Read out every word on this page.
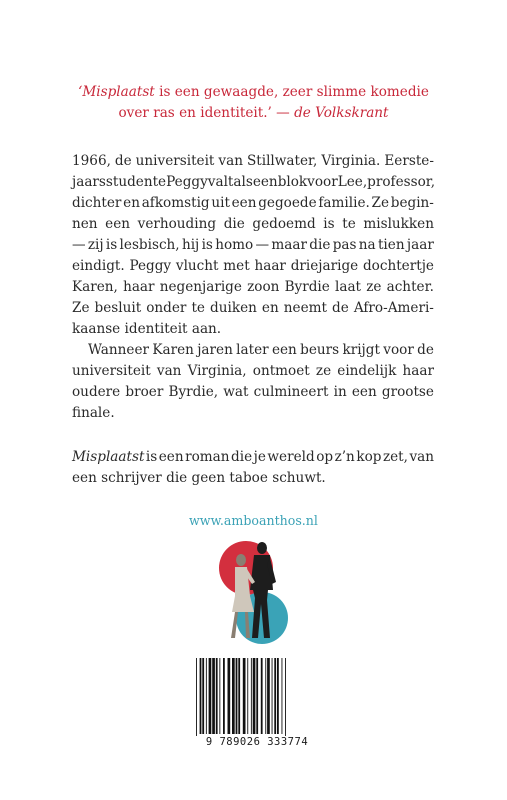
‘Misplaatst is een gewaagde, zeer slimme komedie
over ras en identiteit.’ — de Volkskrant
1966, de universiteit van Stillwater, Virginia. Eerste-
jaarsstudente Peggy valt als een blok voor Lee, professor,
dichter en afkomstig uit een gegoede familie. Ze begin-
nen een verhouding die gedoemd is te mislukken
— zij is lesbisch, hij is homo — maar die pas na tien jaar
eindigt. Peggy vlucht met haar driejarige dochtertje
Karen, haar negenjarige zoon Byrdie laat ze achter.
Ze besluit onder te duiken en neemt de Afro-Ameri-
kaanse identiteit aan.
Wanneer Karen jaren later een beurs krijgt voor de
universiteit van Virginia, ontmoet ze eindelijk haar
oudere broer Byrdie, wat culmineert in een grootse
finale.
Misplaatst is een roman die je wereld op z’n kop zet, van
een schrijver die geen taboe schuwt.
www.amboanthos.nl
9 789026 333774
